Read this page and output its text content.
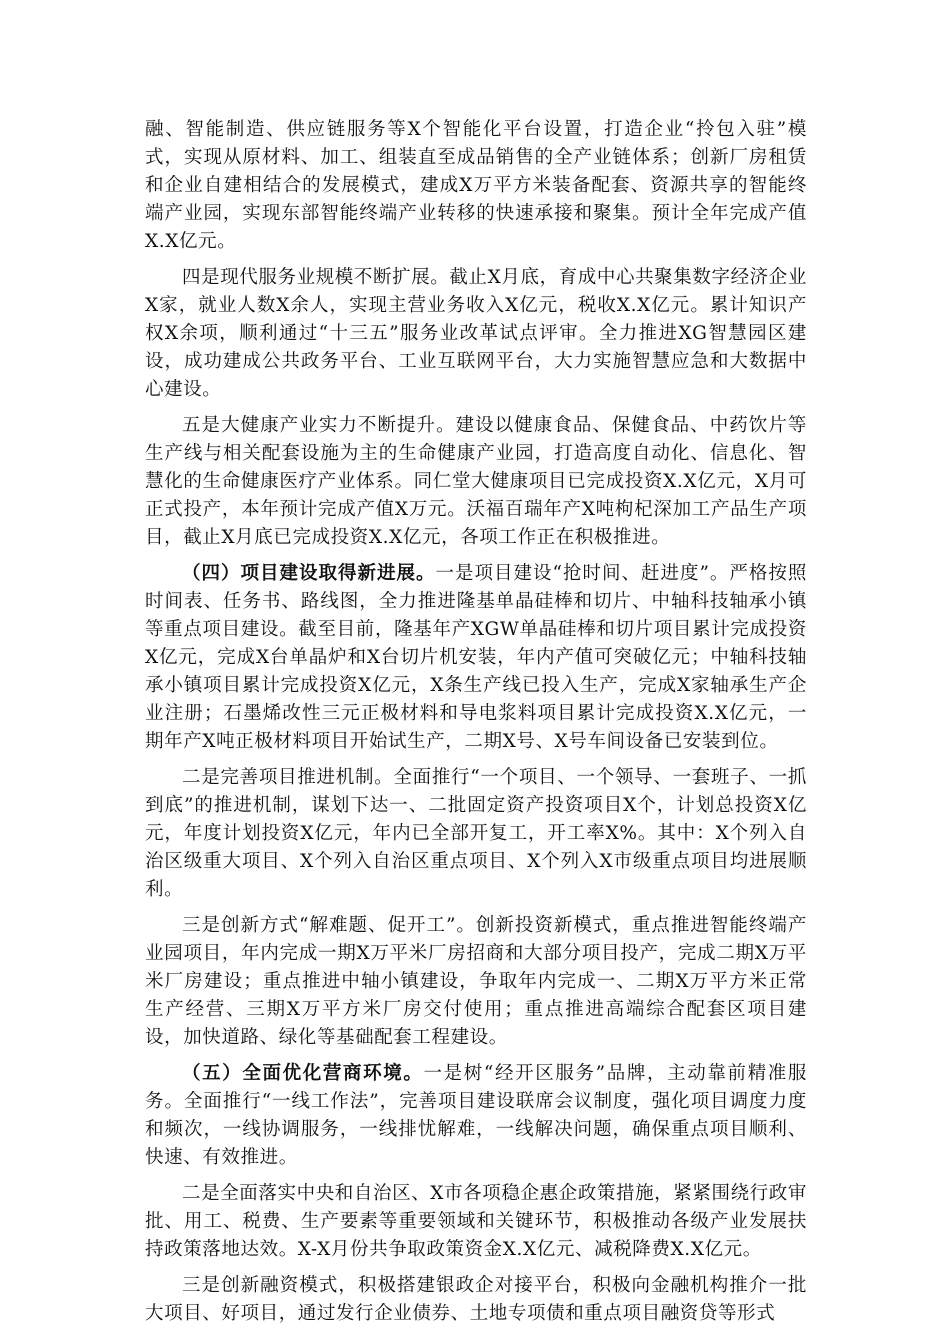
融、智能制造、供应链服务等X个智能化平台设置，打造企业“拎包入驻”模式，实现从原材料、加工、组装直至成品销售的全产业链体系；创新厂房租赁和企业自建相结合的发展模式，建成X万平方米装备配套、资源共享的智能终端产业园，实现东部智能终端产业转移的快速承接和聚集。预计全年完成产值X.X亿元。

四是现代服务业规模不断扩展。截止X月底，育成中心共聚集数字经济企业X家，就业人数X余人，实现主营业务收入X亿元，税收X.X亿元。累计知识产权X余项，顺利通过“十三五”服务业改革试点评审。全力推进XG智慧园区建设，成功建成公共政务平台、工业互联网平台，大力实施智慧应急和大数据中心建设。

五是大健康产业实力不断提升。建设以健康食品、保健食品、中药饮片等生产线与相关配套设施为主的生命健康产业园，打造高度自动化、信息化、智慧化的生命健康医疗产业体系。同仁堂大健康项目已完成投资X.X亿元，X月可正式投产，本年预计完成产值X万元。沃福百瑞年产X吨枸杞深加工产品生产项目，截止X月底已完成投资X.X亿元，各项工作正在积极推进。

（四）项目建设取得新进展。一是项目建设“抢时间、赶进度”。严格按照时间表、任务书、路线图，全力推进隆基单晶硅棒和切片、中轴科技轴承小镇等重点项目建设。截至目前，隆基年产XGW单晶硅棒和切片项目累计完成投资X亿元，完成X台单晶炉和X台切片机安装，年内产值可突破亿元；中轴科技轴承小镇项目累计完成投资X亿元，X条生产线已投入生产，完成X家轴承生产企业注册；石墨烯改性三元正极材料和导电浆料项目累计完成投资X.X亿元，一期年产X吨正极材料项目开始试生产，二期X号、X号车间设备已安装到位。

二是完善项目推进机制。全面推行“一个项目、一个领导、一套班子、一抓到底”的推进机制，谋划下达一、二批固定资产投资项目X个，计划总投资X亿元，年度计划投资X亿元，年内已全部开复工，开工率X%。其中：X个列入自治区级重大项目、X个列入自治区重点项目、X个列入X市级重点项目均进展顺利。

三是创新方式“解难题、促开工”。创新投资新模式，重点推进智能终端产业园项目，年内完成一期X万平米厂房招商和大部分项目投产，完成二期X万平米厂房建设；重点推进中轴小镇建设，争取年内完成一、二期X万平方米正常生产经营、三期X万平方米厂房交付使用；重点推进高端综合配套区项目建设，加快道路、绿化等基础配套工程建设。

（五）全面优化营商环境。一是树“经开区服务”品牌，主动靠前精准服务。全面推行“一线工作法”，完善项目建设联席会议制度，强化项目调度力度和频次，一线协调服务，一线排忧解难，一线解决问题，确保重点项目顺利、快速、有效推进。

二是全面落实中央和自治区、X市各项稳企惠企政策措施，紧紧围绕行政审批、用工、税费、生产要素等重要领域和关键环节，积极推动各级产业发展扶持政策落地达效。X-X月份共争取政策资金X.X亿元、减税降费X.X亿元。

三是创新融资模式，积极搭建银政企对接平台，积极向金融机构推介一批大项目、好项目，通过发行企业债券、土地专项债和重点项目融资贷等形式
